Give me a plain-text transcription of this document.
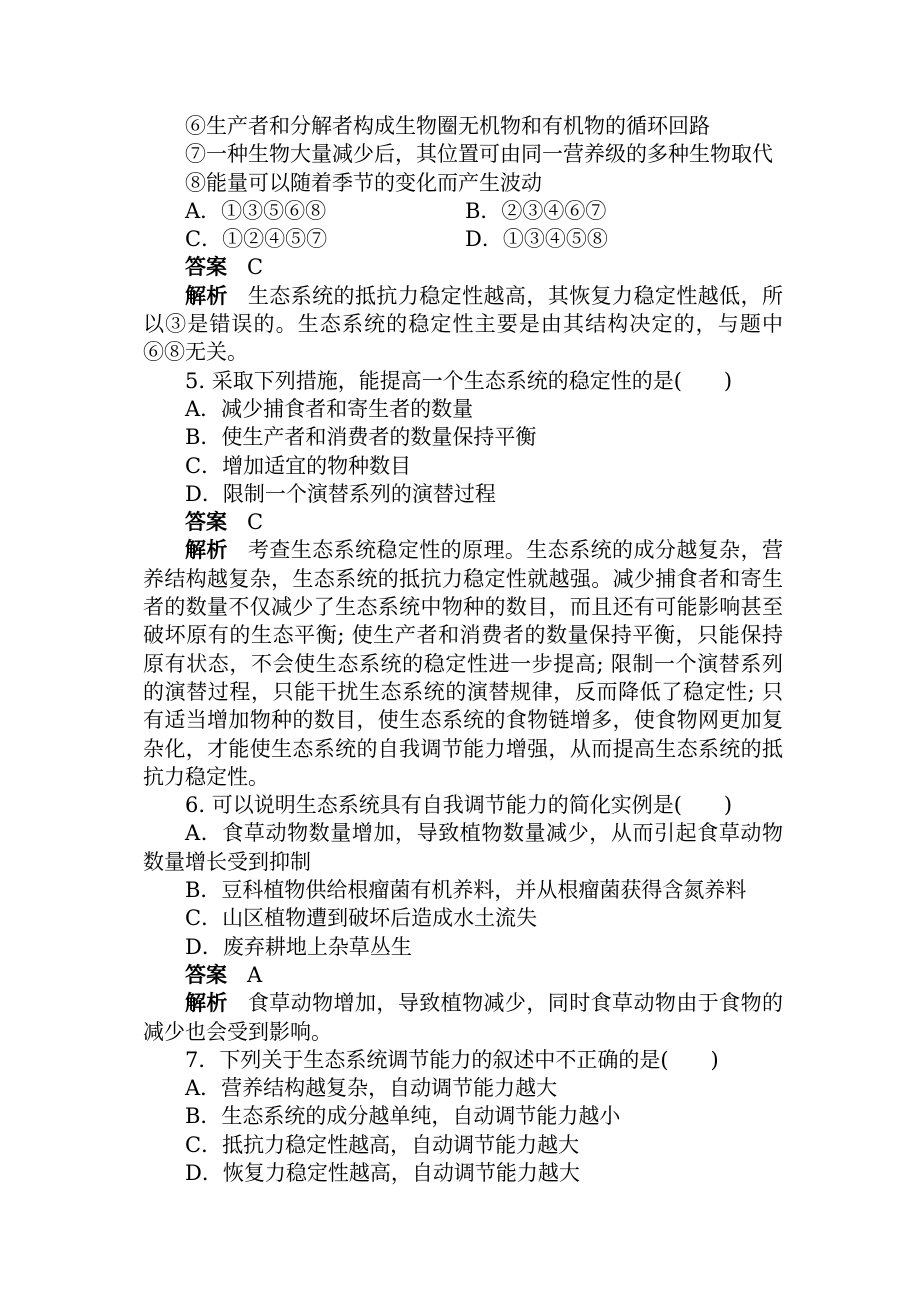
⑥生产者和分解者构成生物圈无机物和有机物的循环回路
⑦一种生物大量减少后，其位置可由同一营养级的多种生物取代
⑧能量可以随着季节的变化而产生波动
A．①③⑤⑥⑧	B．②③④⑥⑦
C．①②④⑤⑦	D．①③④⑤⑧
答案 C
解析 生态系统的抵抗力稳定性越高，其恢复力稳定性越低，所
以③是错误的。生态系统的稳定性主要是由其结构决定的，与题中
⑥⑧无关。
5. 采取下列措施，能提高一个生态系统的稳定性的是(　　)
A．减少捕食者和寄生者的数量
B．使生产者和消费者的数量保持平衡
C．增加适宜的物种数目
D．限制一个演替系列的演替过程
答案 C
解析 考查生态系统稳定性的原理。生态系统的成分越复杂，营
养结构越复杂，生态系统的抵抗力稳定性就越强。减少捕食者和寄生
者的数量不仅减少了生态系统中物种的数目，而且还有可能影响甚至
破坏原有的生态平衡; 使生产者和消费者的数量保持平衡，只能保持
原有状态，不会使生态系统的稳定性进一步提高; 限制一个演替系列
的演替过程，只能干扰生态系统的演替规律，反而降低了稳定性; 只
有适当增加物种的数目，使生态系统的食物链增多，使食物网更加复
杂化，才能使生态系统的自我调节能力增强，从而提高生态系统的抵
抗力稳定性。
6. 可以说明生态系统具有自我调节能力的简化实例是(　　)
A．食草动物数量增加，导致植物数量减少，从而引起食草动物
数量增长受到抑制
B．豆科植物供给根瘤菌有机养料，并从根瘤菌获得含氮养料
C．山区植物遭到破坏后造成水土流失
D．废弃耕地上杂草丛生
答案 A
解析 食草动物增加，导致植物减少，同时食草动物由于食物的
减少也会受到影响。
7．下列关于生态系统调节能力的叙述中不正确的是(　　)
A．营养结构越复杂，自动调节能力越大
B．生态系统的成分越单纯，自动调节能力越小
C．抵抗力稳定性越高，自动调节能力越大
D．恢复力稳定性越高，自动调节能力越大
